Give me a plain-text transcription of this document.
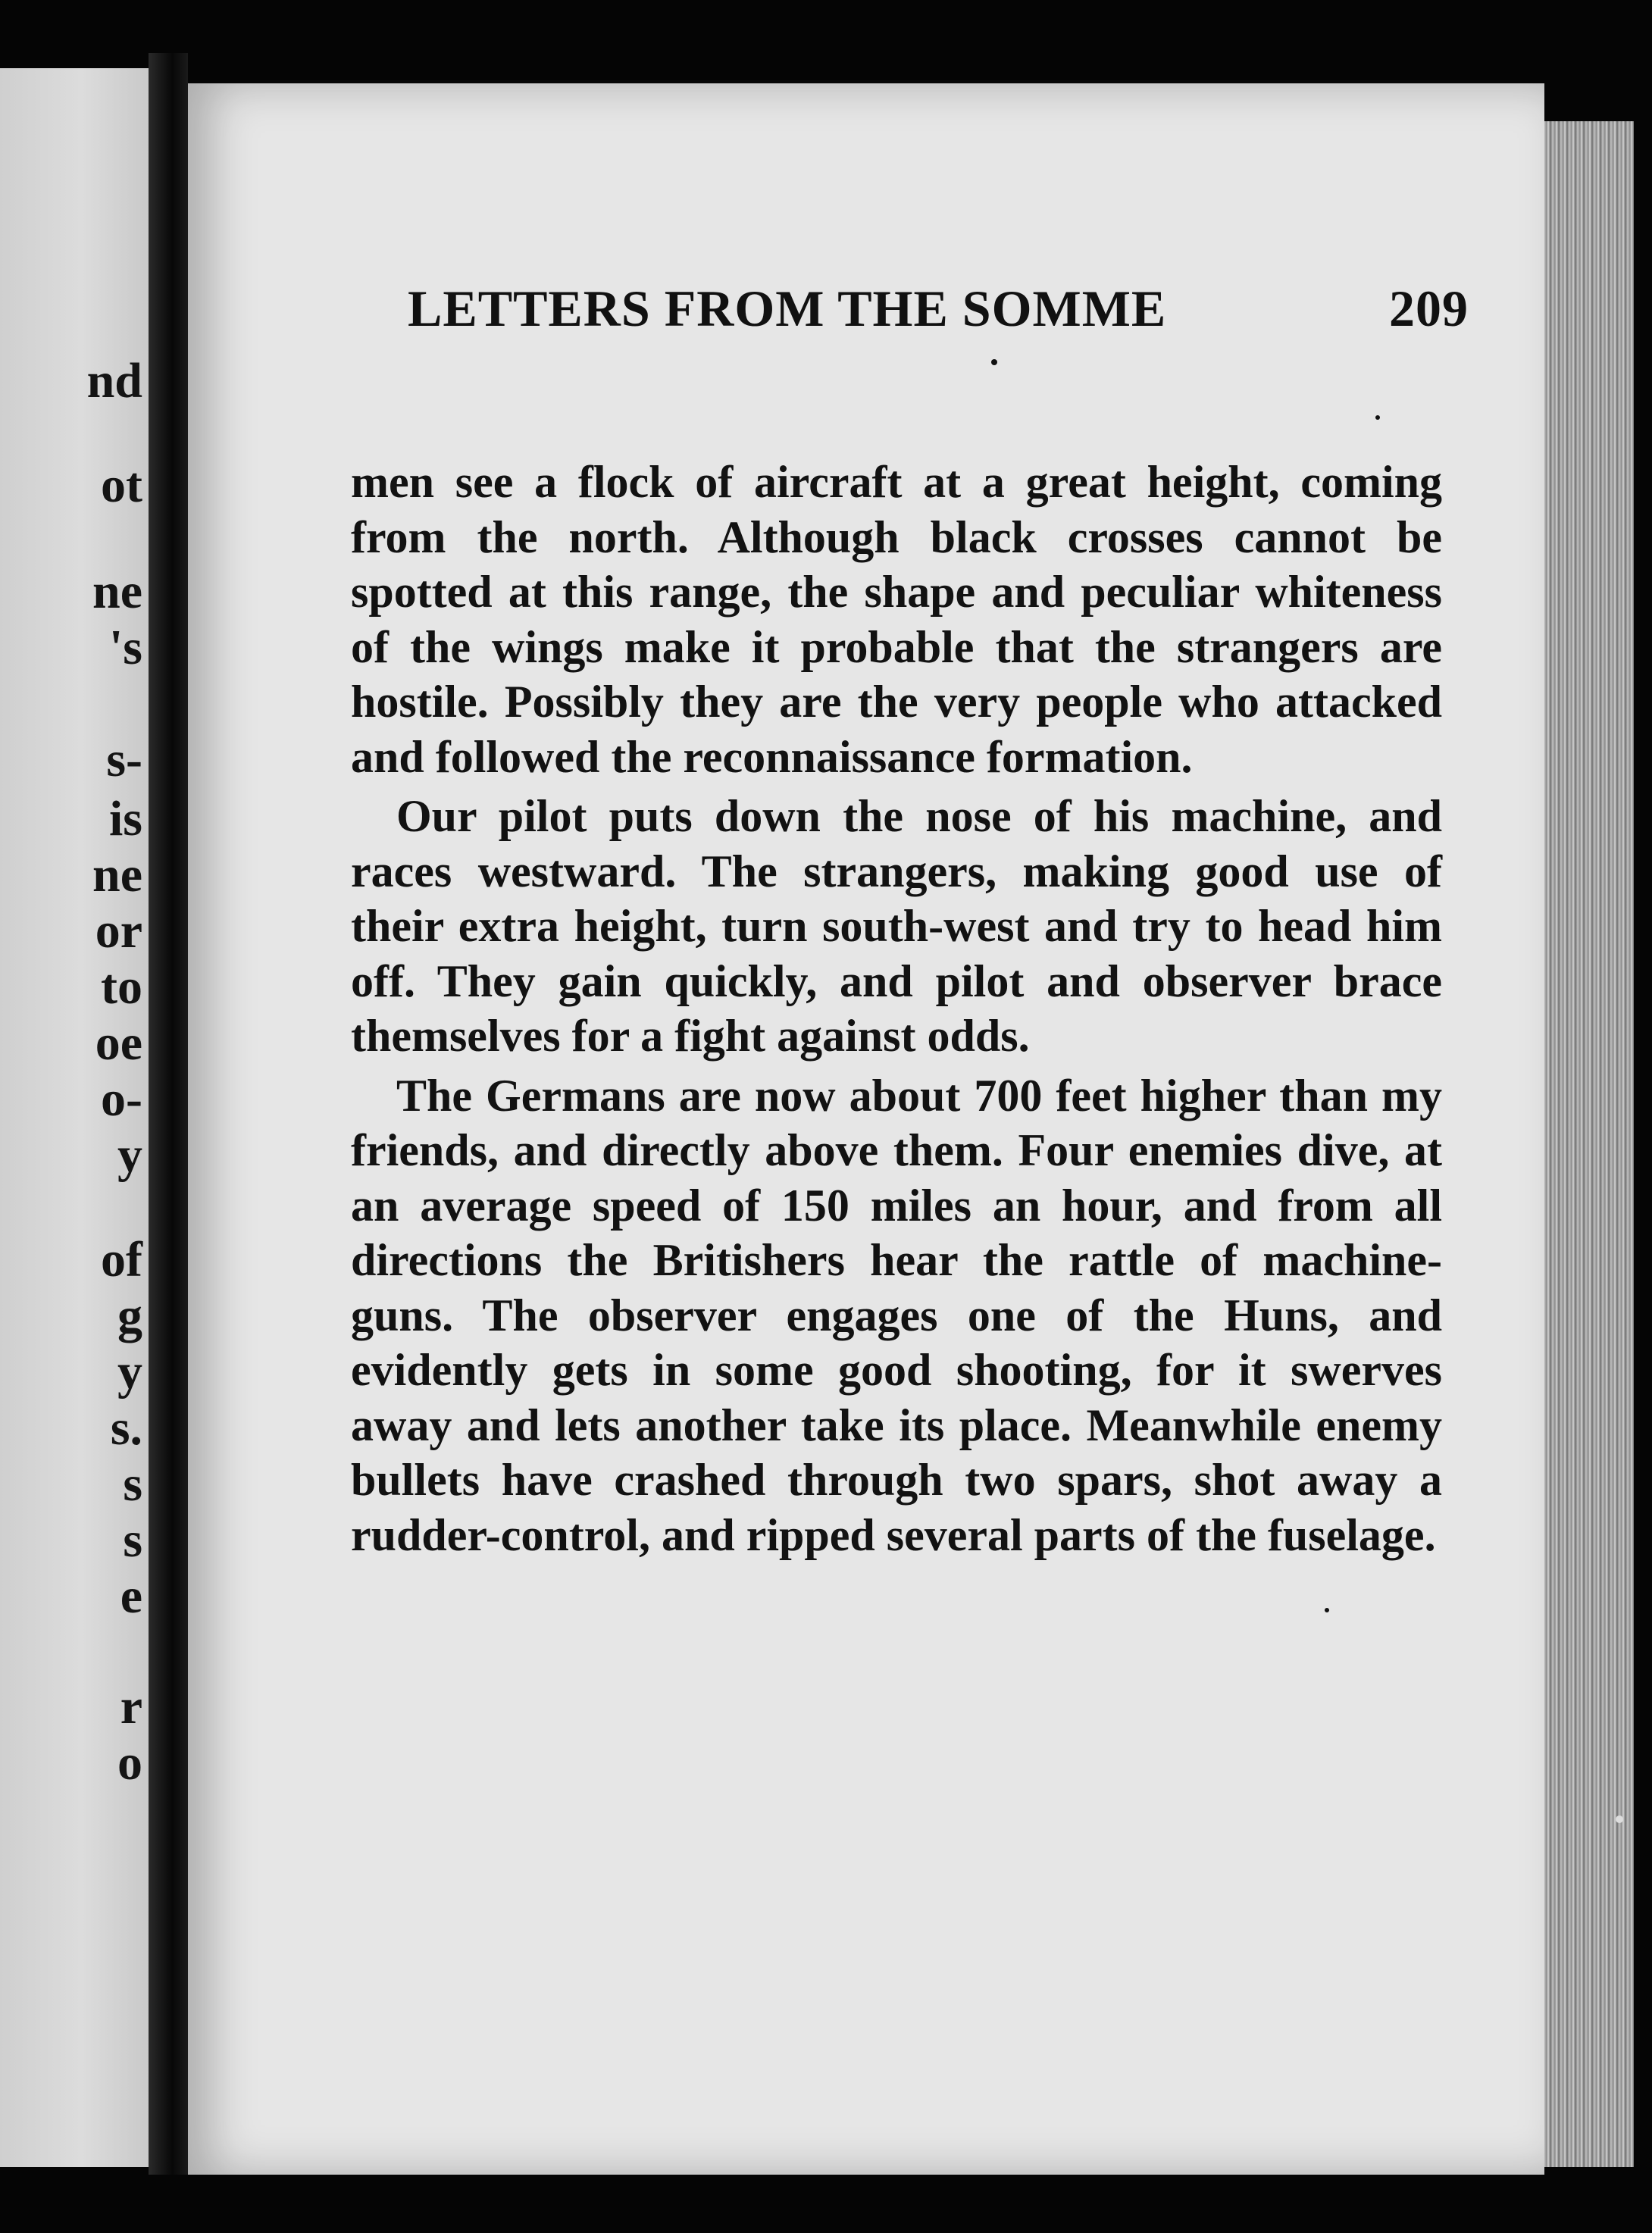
nd
ot
ne
's
s-
is
ne
or
to
oe
o-
y
of
g
y
s.
s
s
e
r
o
LETTERS FROM THE SOMME	209

men see a flock of aircraft at a great height, coming from the north. Although black crosses cannot be spotted at this range, the shape and peculiar whiteness of the wings make it probable that the strangers are hostile. Possibly they are the very people who attacked and followed the reconnaissance formation.

Our pilot puts down the nose of his machine, and races westward. The strangers, making good use of their extra height, turn south-west and try to head him off. They gain quickly, and pilot and observer brace themselves for a fight against odds.

The Germans are now about 700 feet higher than my friends, and directly above them. Four enemies dive, at an average speed of 150 miles an hour, and from all directions the Britishers hear the rattle of machine-guns. The observer engages one of the Huns, and evidently gets in some good shooting, for it swerves away and lets another take its place. Meanwhile enemy bullets have crashed through two spars, shot away a rudder-control, and ripped several parts of the fuselage.
